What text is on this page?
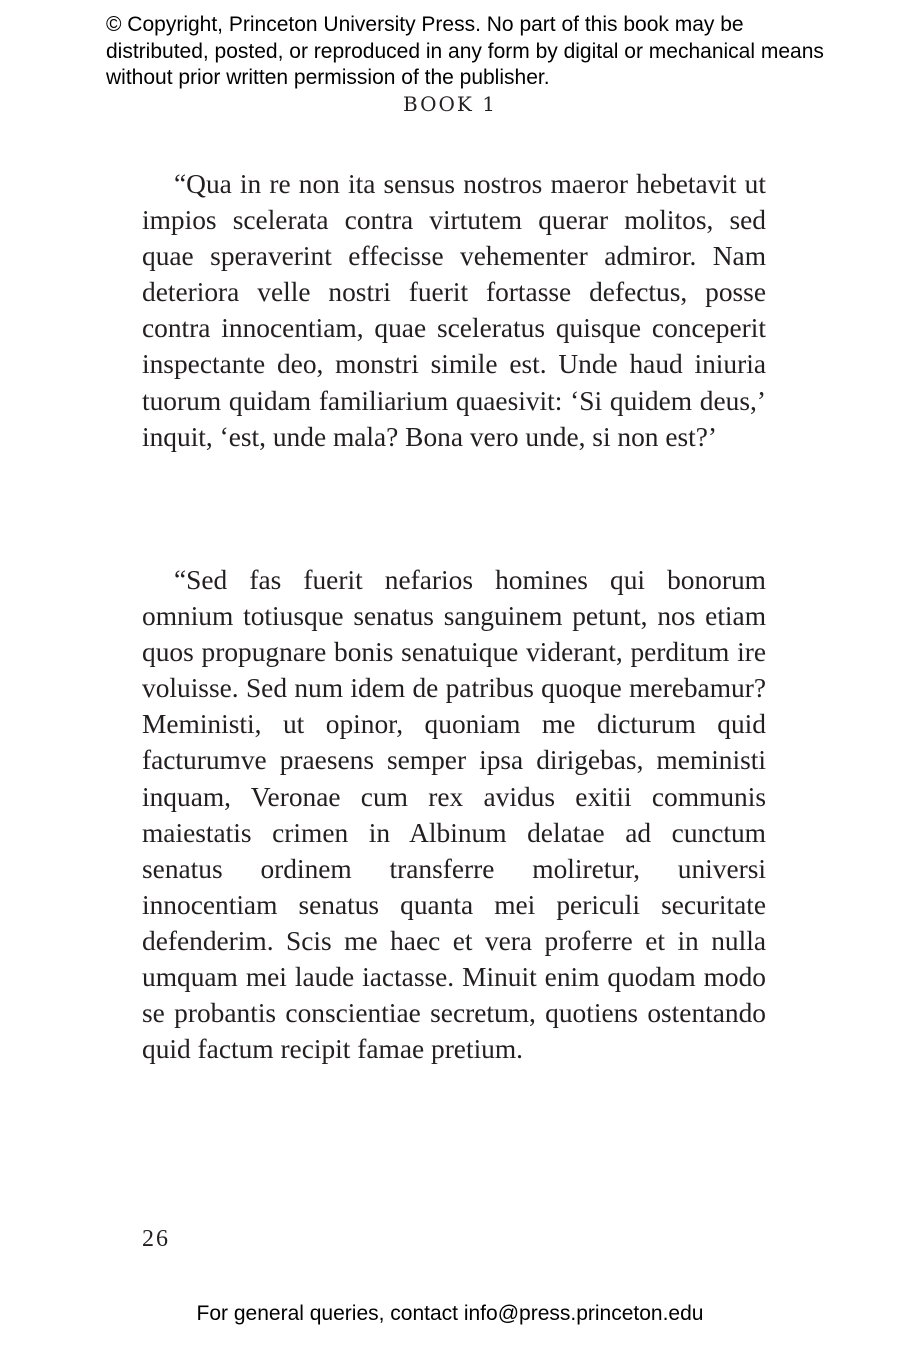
© Copyright, Princeton University Press. No part of this book may be distributed, posted, or reproduced in any form by digital or mechanical means without prior written permission of the publisher.
BOOK 1
“Qua in re non ita sensus nostros maeror hebetavit ut impios scelerata contra virtutem querar molitos, sed quae speraverint effecisse vehementer admiror. Nam deteriora velle nostri fuerit fortasse defectus, posse contra innocentiam, quae sceleratus quisque conceperit inspectante deo, monstri simile est. Unde haud iniuria tuorum quidam familiarium quaesivit: ‘Si quidem deus,’ inquit, ‘est, unde mala? Bona vero unde, si non est?’
“Sed fas fuerit nefarios homines qui bonorum omnium totiusque senatus sanguinem petunt, nos etiam quos propugnare bonis senatuique viderant, perditum ire voluisse. Sed num idem de patribus quoque merebamur? Meministi, ut opinor, quoniam me dicturum quid facturumve praesens semper ipsa dirigebas, meministi inquam, Veronae cum rex avidus exitii communis maiestatis crimen in Albinum delatae ad cunctum senatus ordinem transferre moliretur, universi innocentiam senatus quanta mei periculi securitate defenderim. Scis me haec et vera proferre et in nulla umquam mei laude iactasse. Minuit enim quodam modo se probantis conscientiae secretum, quotiens ostentando quid factum recipit famae pretium.
26
For general queries, contact info@press.princeton.edu
